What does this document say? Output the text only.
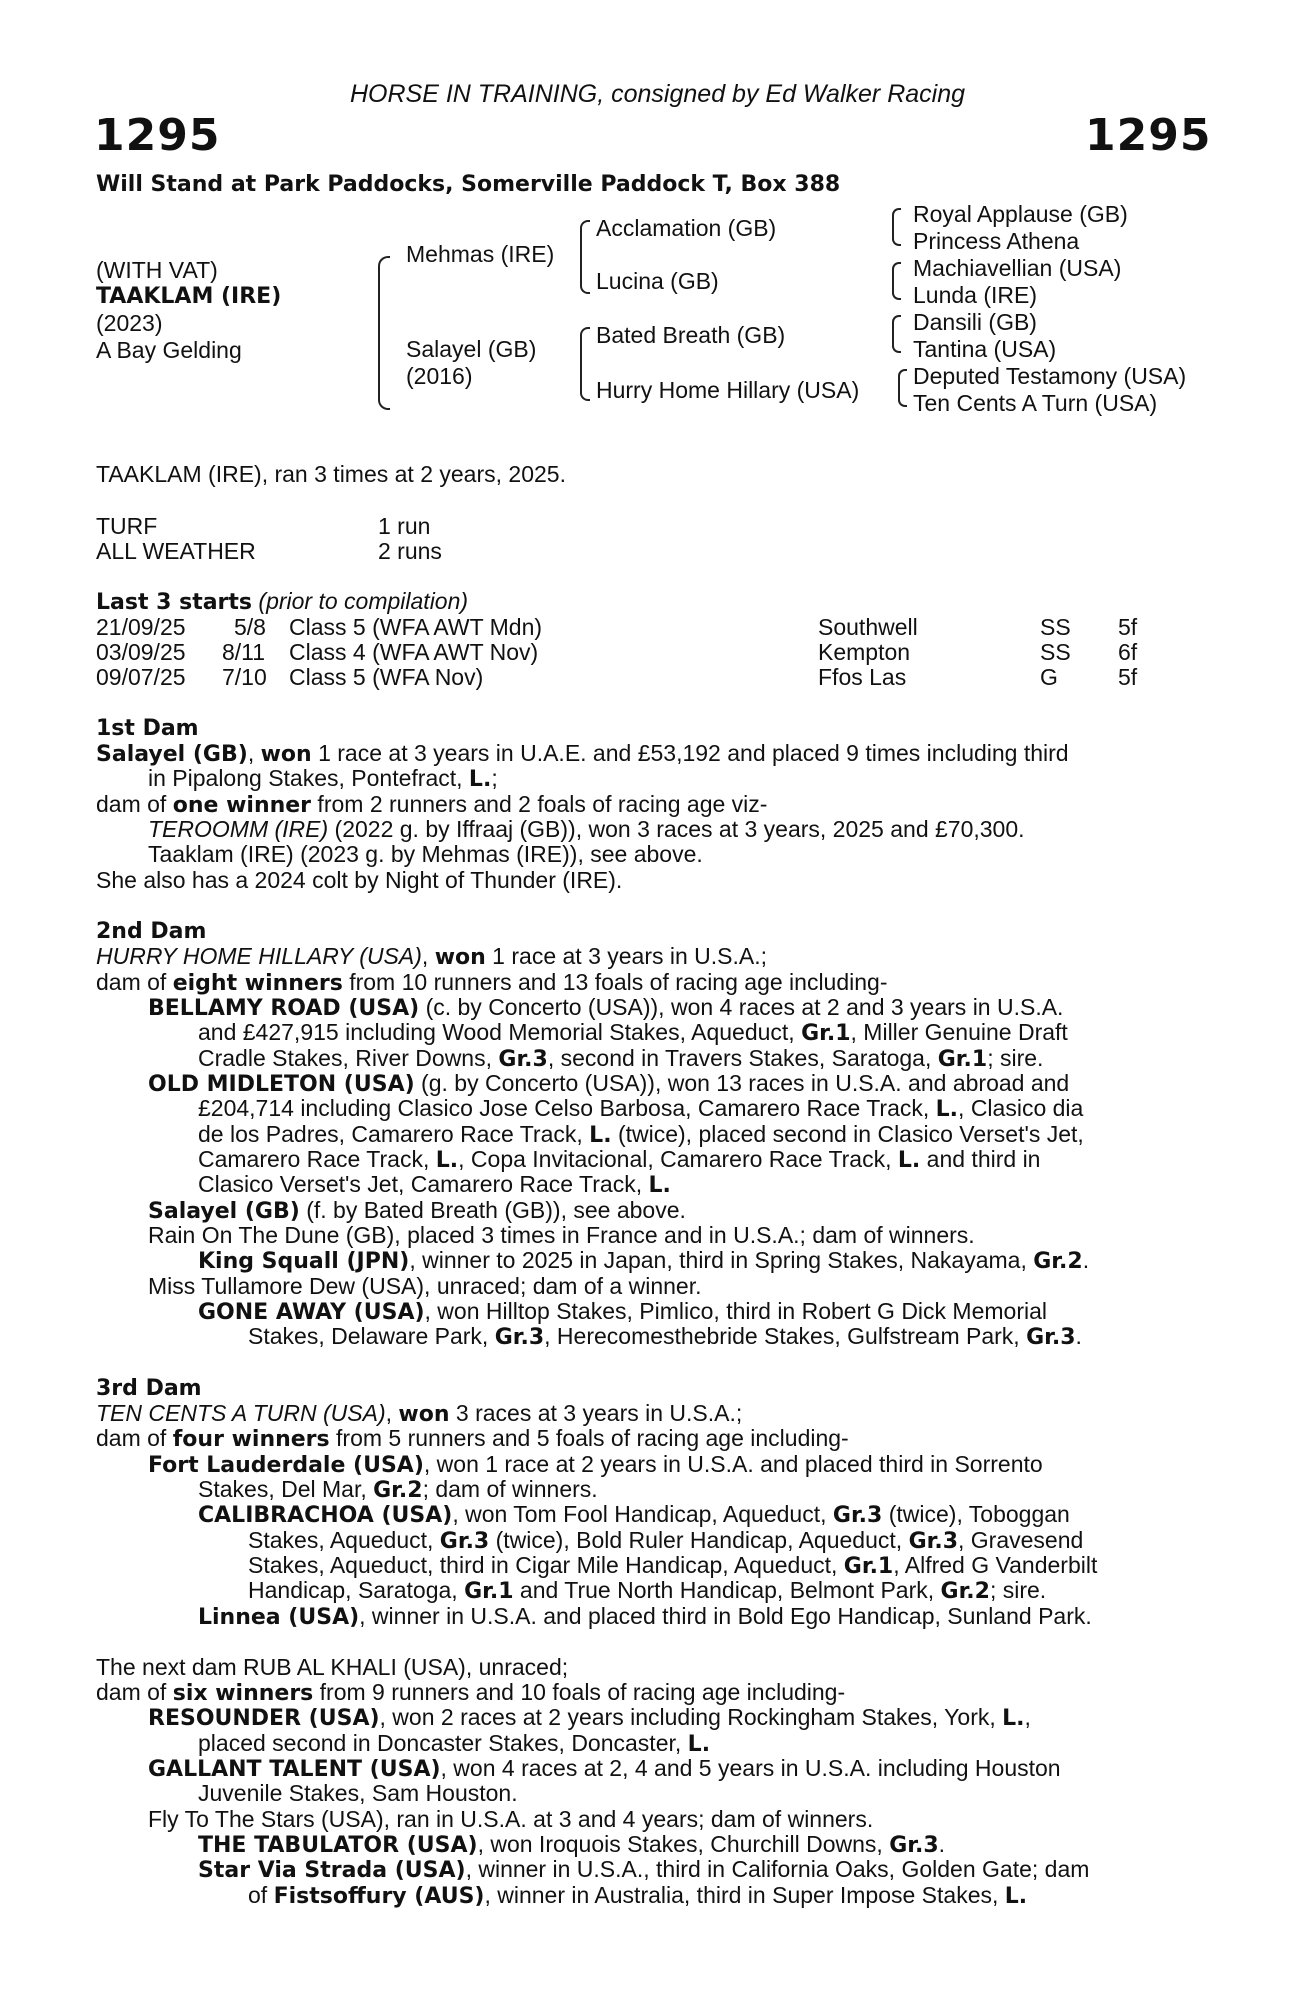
HORSE IN TRAINING, consigned by Ed Walker Racing
1295	1295
Will Stand at Park Paddocks, Somerville Paddock T, Box 388
(WITH VAT)
TAAKLAM (IRE)
(2023)
A Bay Gelding
Mehmas (IRE)
Salayel (GB)
(2016)
Acclamation (GB)
Lucina (GB)
Bated Breath (GB)
Hurry Home Hillary (USA)
Royal Applause (GB)
Princess Athena
Machiavellian (USA)
Lunda (IRE)
Dansili (GB)
Tantina (USA)
Deputed Testamony (USA)
Ten Cents A Turn (USA)
TAAKLAM (IRE), ran 3 times at 2 years, 2025.
TURF	1 run
ALL WEATHER	2 runs
Last 3 starts (prior to compilation)
21/09/25 5/8 Class 5 (WFA AWT Mdn)	Southwell	SS 5f
03/09/25 8/11 Class 4 (WFA AWT Nov)	Kempton	SS 6f
09/07/25 7/10 Class 5 (WFA Nov)	Ffos Las	G	5f
1st Dam
Salayel (GB), won 1 race at 3 years in U.A.E. and £53,192 and placed 9 times including third
in Pipalong Stakes, Pontefract, L.;
dam of one winner from 2 runners and 2 foals of racing age viz-
TEROOMM (IRE) (2022 g. by Iffraaj (GB)), won 3 races at 3 years, 2025 and £70,300.
Taaklam (IRE) (2023 g. by Mehmas (IRE)), see above.
She also has a 2024 colt by Night of Thunder (IRE).
2nd Dam
HURRY HOME HILLARY (USA), won 1 race at 3 years in U.S.A.;
dam of eight winners from 10 runners and 13 foals of racing age including-
BELLAMY ROAD (USA) (c. by Concerto (USA)), won 4 races at 2 and 3 years in U.S.A.
and £427,915 including Wood Memorial Stakes, Aqueduct, Gr.1, Miller Genuine Draft
Cradle Stakes, River Downs, Gr.3, second in Travers Stakes, Saratoga, Gr.1; sire.
OLD MIDLETON (USA) (g. by Concerto (USA)), won 13 races in U.S.A. and abroad and
£204,714 including Clasico Jose Celso Barbosa, Camarero Race Track, L., Clasico dia
de los Padres, Camarero Race Track, L. (twice), placed second in Clasico Verset's Jet,
Camarero Race Track, L., Copa Invitacional, Camarero Race Track, L. and third in
Clasico Verset's Jet, Camarero Race Track, L.
Salayel (GB) (f. by Bated Breath (GB)), see above.
Rain On The Dune (GB), placed 3 times in France and in U.S.A.; dam of winners.
King Squall (JPN), winner to 2025 in Japan, third in Spring Stakes, Nakayama, Gr.2.
Miss Tullamore Dew (USA), unraced; dam of a winner.
GONE AWAY (USA), won Hilltop Stakes, Pimlico, third in Robert G Dick Memorial
Stakes, Delaware Park, Gr.3, Herecomesthebride Stakes, Gulfstream Park, Gr.3.
3rd Dam
TEN CENTS A TURN (USA), won 3 races at 3 years in U.S.A.;
dam of four winners from 5 runners and 5 foals of racing age including-
Fort Lauderdale (USA), won 1 race at 2 years in U.S.A. and placed third in Sorrento
Stakes, Del Mar, Gr.2; dam of winners.
CALIBRACHOA (USA), won Tom Fool Handicap, Aqueduct, Gr.3 (twice), Toboggan
Stakes, Aqueduct, Gr.3 (twice), Bold Ruler Handicap, Aqueduct, Gr.3, Gravesend
Stakes, Aqueduct, third in Cigar Mile Handicap, Aqueduct, Gr.1, Alfred G Vanderbilt
Handicap, Saratoga, Gr.1 and True North Handicap, Belmont Park, Gr.2; sire.
Linnea (USA), winner in U.S.A. and placed third in Bold Ego Handicap, Sunland Park.
The next dam RUB AL KHALI (USA), unraced;
dam of six winners from 9 runners and 10 foals of racing age including-
RESOUNDER (USA), won 2 races at 2 years including Rockingham Stakes, York, L.,
placed second in Doncaster Stakes, Doncaster, L.
GALLANT TALENT (USA), won 4 races at 2, 4 and 5 years in U.S.A. including Houston
Juvenile Stakes, Sam Houston.
Fly To The Stars (USA), ran in U.S.A. at 3 and 4 years; dam of winners.
THE TABULATOR (USA), won Iroquois Stakes, Churchill Downs, Gr.3.
Star Via Strada (USA), winner in U.S.A., third in California Oaks, Golden Gate; dam
of Fistsoffury (AUS), winner in Australia, third in Super Impose Stakes, L.
